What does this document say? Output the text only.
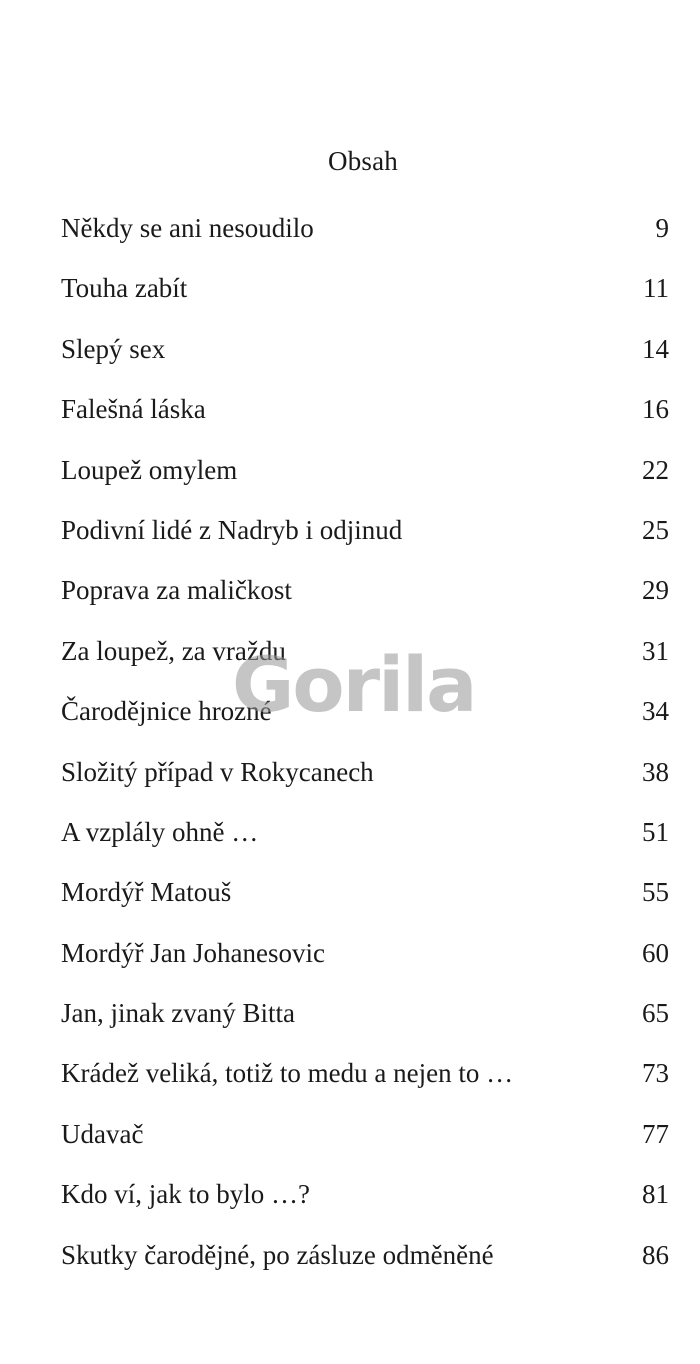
Obsah
Někdy se ani nesoudilo	9
Touha zabít	11
Slepý sex	14
Falešná láska	16
Loupež omylem	22
Podivní lidé z Nadryb i odjinud	25
Poprava za maličkost	29
Za loupež, za vraždu	31
Čarodějnice hrozné	34
Složitý případ v Rokycanech	38
A vzplály ohně …	51
Mordýř Matouš	55
Mordýř Jan Johanesovic	60
Jan, jinak zvaný Bitta	65
Krádež veliká, totiž to medu a nejen to …	73
Udavač	77
Kdo ví, jak to bylo …?	81
Skutky čarodějné, po zásluze odměněné	86
Gorila
